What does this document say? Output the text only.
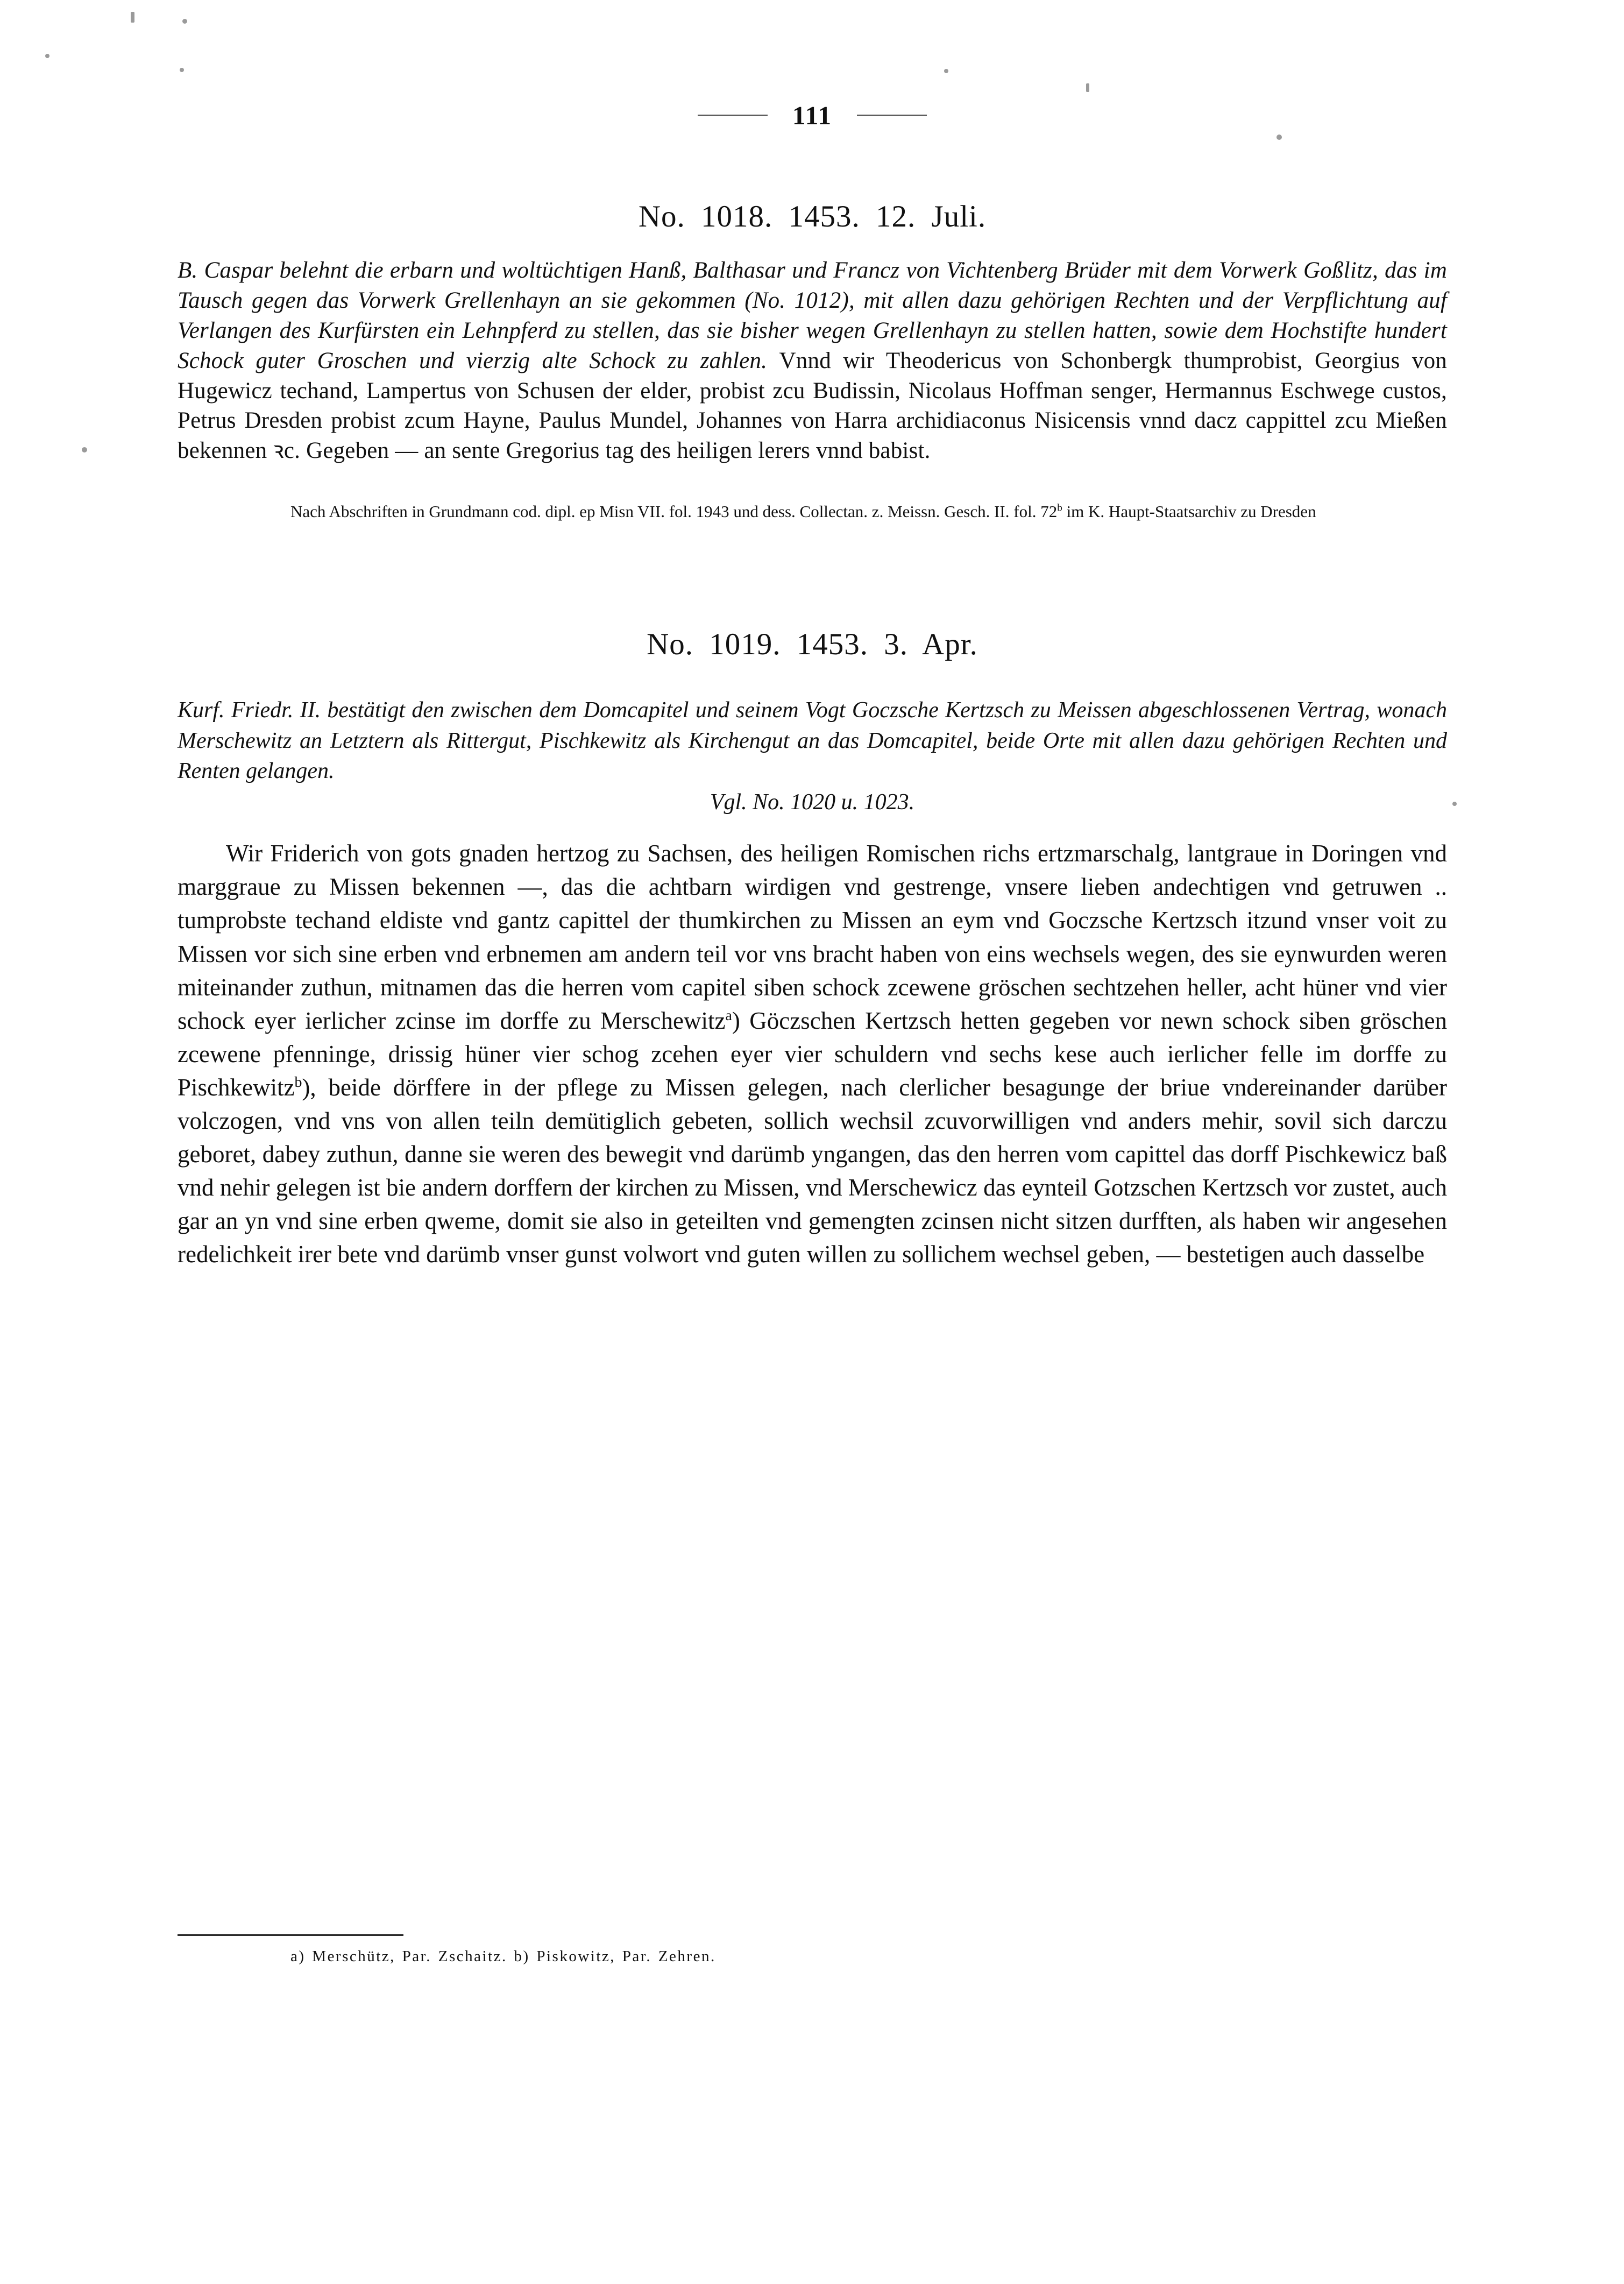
111
No. 1018. 1453. 12. Juli.
B. Caspar belehnt die erbarn und woltüchtigen Hanß, Balthasar und Francz von Vichtenberg Brüder mit dem Vorwerk Goßlitz, das im Tausch gegen das Vorwerk Grellenhayn an sie gekommen (No. 1012), mit allen dazu gehörigen Rechten und der Verpflichtung auf Verlangen des Kurfürsten ein Lehnpferd zu stellen, das sie bisher wegen Grellenhayn zu stellen hatten, sowie dem Hochstifte hundert Schock guter Groschen und vierzig alte Schock zu zahlen. Vnnd wir Theodericus von Schonbergk thumprobist, Georgius von Hugewicz techand, Lampertus von Schusen der elder, probist zcu Budissin, Nicolaus Hoffman senger, Hermannus Eschwege custos, Petrus Dresden probist zcum Hayne, Paulus Mundel, Johannes von Harra archidiaconus Nisicensis vnnd dacz cappittel zcu Mießen bekennen ꝛc. Gegeben — an sente Gregorius tag des heiligen lerers vnnd babist.
Nach Abschriften in Grundmann cod. dipl. ep Misn VII. fol. 1943 und dess. Collectan. z. Meissn. Gesch. II. fol. 72$^b$ im K. Haupt-Staatsarchiv zu Dresden
No. 1019. 1453. 3. Apr.
Kurf. Friedr. II. bestätigt den zwischen dem Domcapitel und seinem Vogt Goczsche Kertzsch zu Meissen abgeschlossenen Vertrag, wonach Merschewitz an Letztern als Rittergut, Pischkewitz als Kirchengut an das Domcapitel, beide Orte mit allen dazu gehörigen Rechten und Renten gelangen.
Vgl. No. 1020 u. 1023.
Wir Friderich von gots gnaden hertzog zu Sachsen, des heiligen Romischen richs ertzmarschalg, lantgraue in Doringen vnd marggraue zu Missen bekennen —, das die achtbarn wirdigen vnd gestrenge, vnsere lieben andechtigen vnd getruwen .. tumprobste techand eldiste vnd gantz capittel der thumkirchen zu Missen an eym vnd Goczsche Kertzsch itzund vnser voit zu Missen vor sich sine erben vnd erbnemen am andern teil vor vns bracht haben von eins wechsels wegen, des sie eynwurden weren miteinander zuthun, mitnamen das die herren vom capitel siben schock zcewene gröschen sechtzehen heller, acht hüner vnd vier schock eyer ierlicher zcinse im dorffe zu Merschewitz$^a$) Göczschen Kertzsch hetten gegeben vor newn schock siben gröschen zcewene pfenninge, drissig hüner vier schog zcehen eyer vier schuldern vnd sechs kese auch ierlicher felle im dorffe zu Pischkewitz$^b$), beide dörffere in der pflege zu Missen gelegen, nach clerlicher besagunge der briue vndereinander darüber volczogen, vnd vns von allen teiln demütiglich gebeten, sollich wechsil zcuvorwilligen vnd anders mehir, sovil sich darczu geboret, dabey zuthun, danne sie weren des bewegit vnd darümb yngangen, das den herren vom capittel das dorff Pischkewicz baß vnd nehir gelegen ist bie andern dorffern der kirchen zu Missen, vnd Merschewicz das eynteil Gotzschen Kertzsch vor zustet, auch gar an yn vnd sine erben qweme, domit sie also in geteilten vnd gemengten zcinsen nicht sitzen durfften, als haben wir angesehen redelichkeit irer bete vnd darümb vnser gunst volwort vnd guten willen zu sollichem wechsel geben, — bestetigen auch dasselbe
a) Merschütz, Par. Zschaitz. b) Piskowitz, Par. Zehren.
